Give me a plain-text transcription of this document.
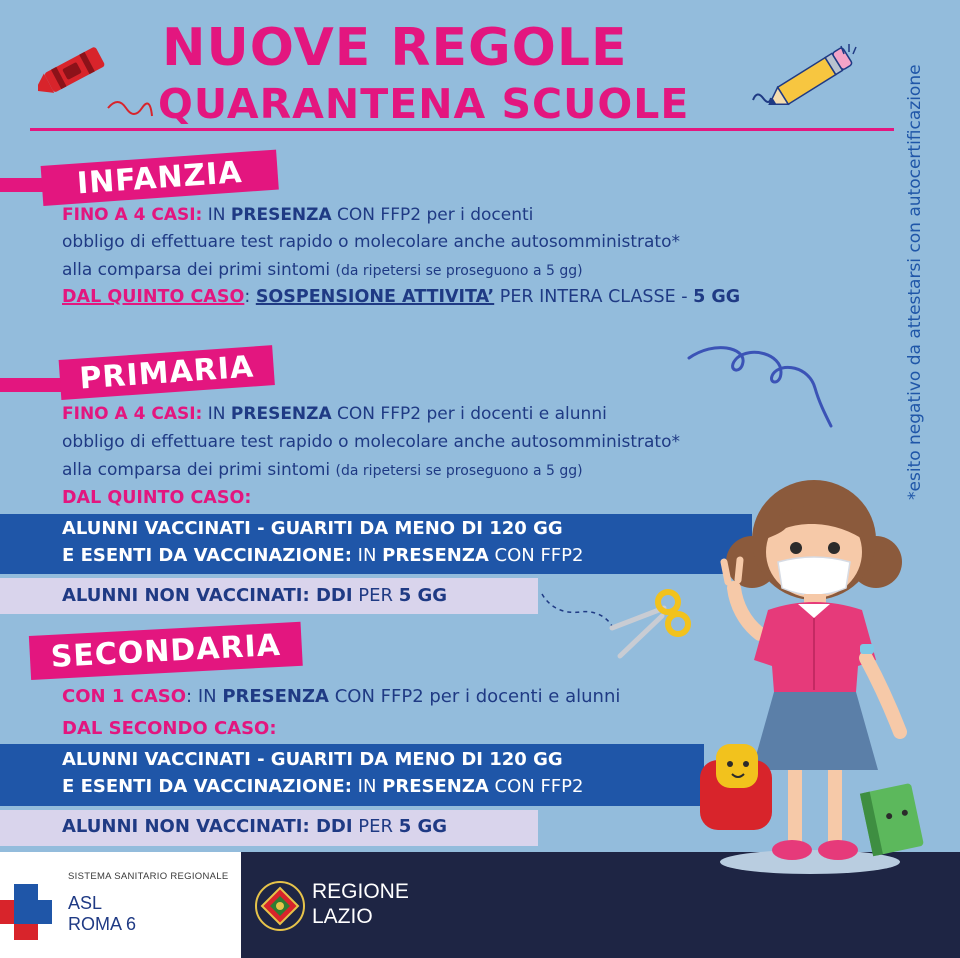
NUOVE REGOLE
QUARANTENA SCUOLE	*esito negativo da attestarsi con autocertificazione
INFANZIA
FINO A 4 CASI: IN PRESENZA CON FFP2 per i docenti
obbligo di effettuare test rapido o molecolare anche autosomministrato*
alla comparsa dei primi sintomi (da ripetersi se proseguono a 5 gg)
DAL QUINTO CASO: SOSPENSIONE ATTIVITA’ PER INTERA CLASSE - 5 GG
PRIMARIA
FINO A 4 CASI: IN PRESENZA CON FFP2 per i docenti e alunni
obbligo di effettuare test rapido o molecolare anche autosomministrato*
alla comparsa dei primi sintomi (da ripetersi se proseguono a 5 gg)
DAL QUINTO CASO:
ALUNNI VACCINATI - GUARITI DA MENO DI 120 GG
E ESENTI DA VACCINAZIONE: IN PRESENZA CON FFP2
ALUNNI NON VACCINATI: DDI PER 5 GG
SECONDARIA
CON 1 CASO: IN PRESENZA CON FFP2 per i docenti e alunni
DAL SECONDO CASO:
ALUNNI VACCINATI - GUARITI DA MENO DI 120 GG
E ESENTI DA VACCINAZIONE: IN PRESENZA CON FFP2
ALUNNI NON VACCINATI: DDI PER 5 GG
SISTEMA SANITARIO REGIONALE
ASL
ROMA 6
REGIONE
LAZIO
